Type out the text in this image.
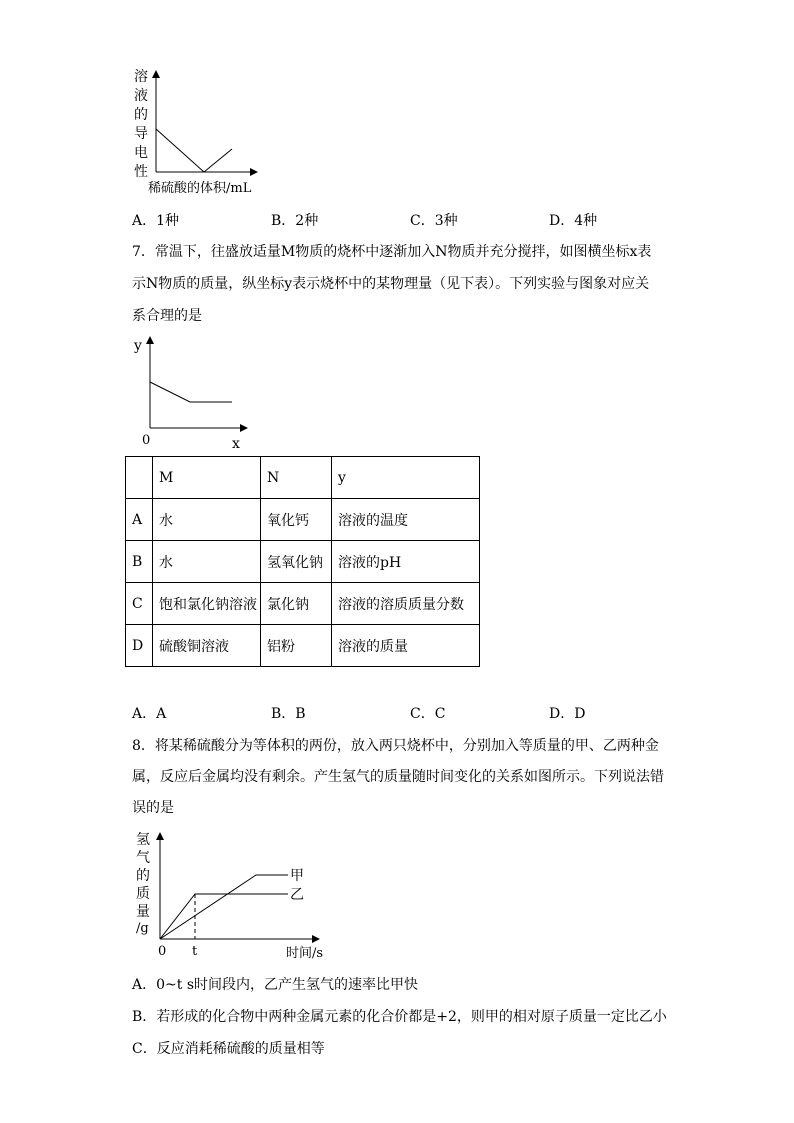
溶
液
的
导
电
性
稀硫酸的体积/mL
A．1种	B．2种	C．3种	D．4种
7．常温下，往盛放适量M物质的烧杯中逐渐加入N物质并充分搅拌，如图横坐标x表
示N物质的质量，纵坐标y表示烧杯中的某物理量（见下表）。下列实验与图象对应关
系合理的是
y
0	x
	M	N	y
A	水	氧化钙	溶液的温度
B	水	氢氧化钠	溶液的pH
C	饱和氯化钠溶液	氯化钠	溶液的溶质质量分数
D	硫酸铜溶液	铝粉	溶液的质量
A．A	B．B	C．C	D．D
8．将某稀硫酸分为等体积的两份，放入两只烧杯中，分别加入等质量的甲、乙两种金
属，反应后金属均没有剩余。产生氢气的质量随时间变化的关系如图所示。下列说法错
误的是
氢
气
的
质
量
/g
0 t	时间/s
甲
乙
A．0~t s时间段内，乙产生氢气的速率比甲快
B．若形成的化合物中两种金属元素的化合价都是+2，则甲的相对原子质量一定比乙小
C．反应消耗稀硫酸的质量相等
